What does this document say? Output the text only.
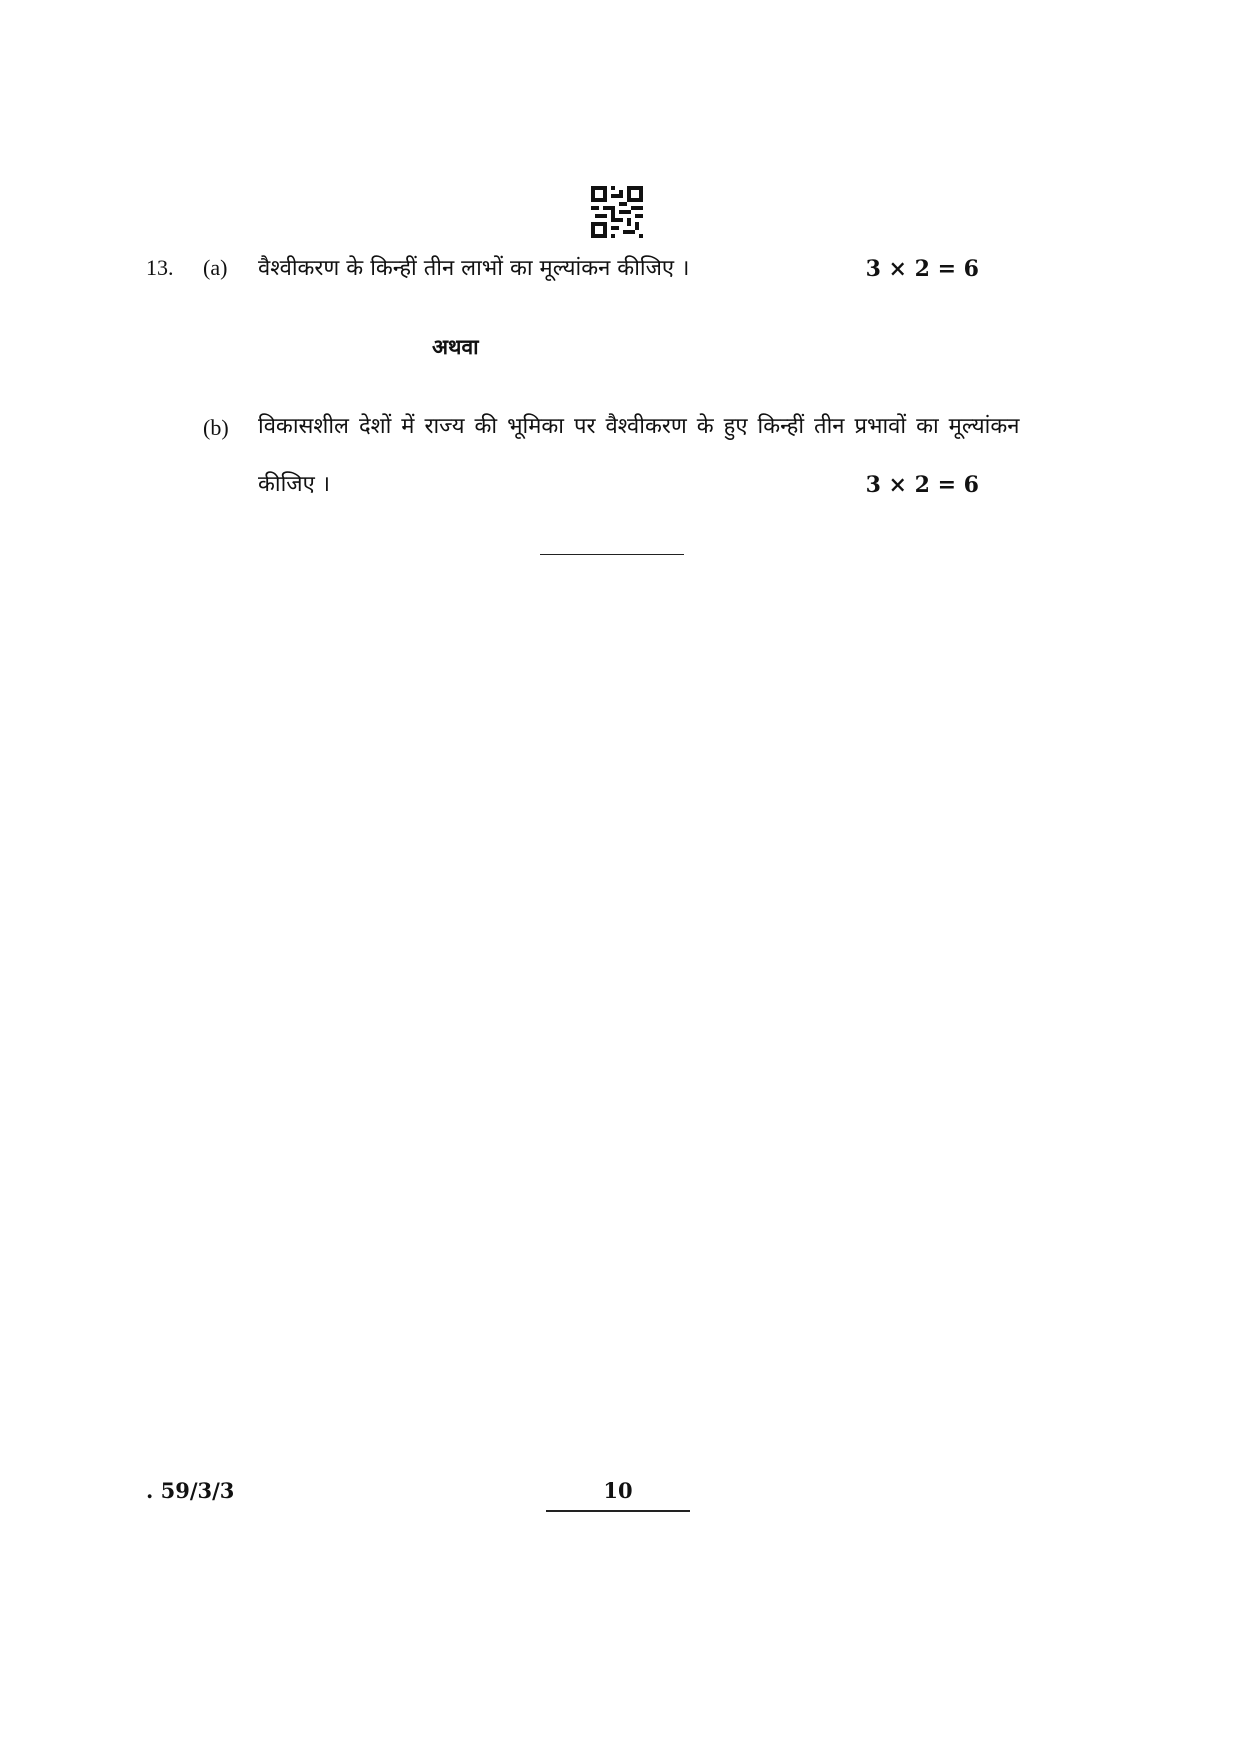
13. (a) वैश्वीकरण के किन्हीं तीन लाभों का मूल्यांकन कीजिए ।	3 × 2 = 6
अथवा
(b) विकासशील देशों में राज्य की भूमिका पर वैश्वीकरण के हुए किन्हीं तीन प्रभावों का मूल्यांकन
कीजिए ।	3 × 2 = 6
. 59/3/3	10
